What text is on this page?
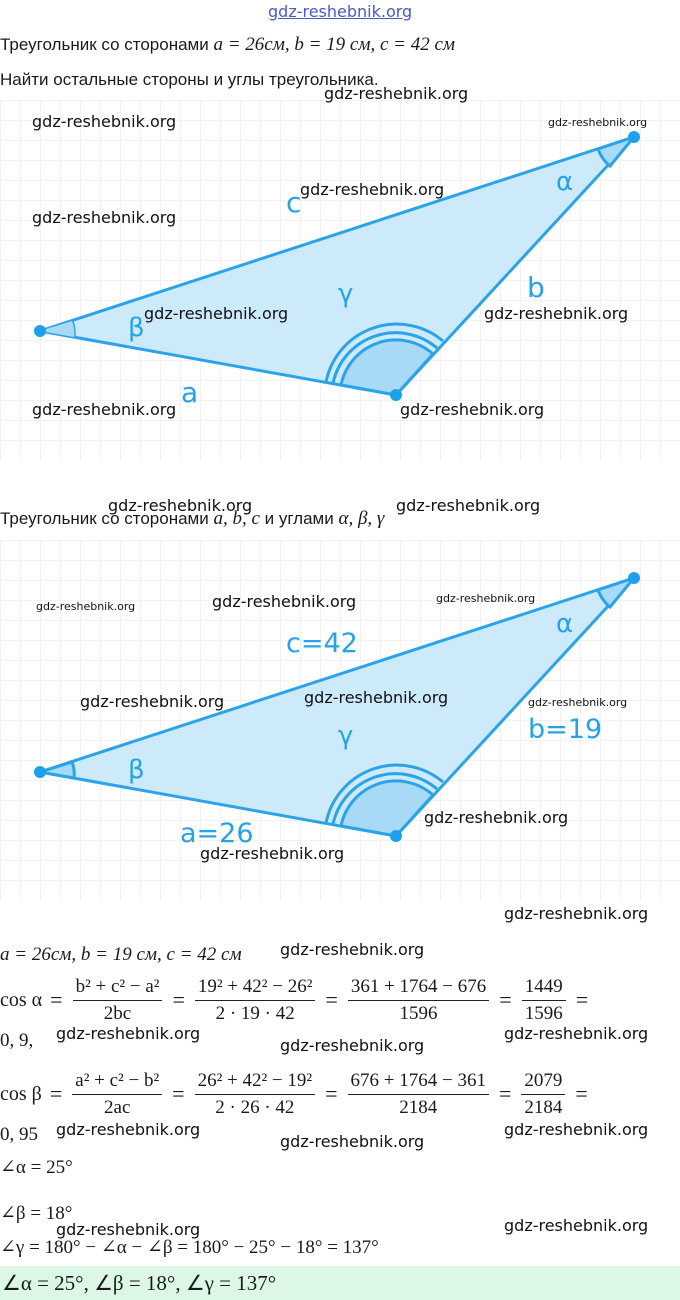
gdz-reshebnik.org
Треугольник со сторонами a = 26см, b = 19 см, c = 42 см
Найти остальные стороны и углы треугольника.
c
b
a
α
β
γ
Треугольник со сторонами a, b, c и углами α, β, γ
c=42
b=19
a=26
α
β
γ
a = 26см, b = 19 см, c = 42 см
$\cos \alpha = \frac{\text{b² + c² − a²}}{2bc} = \frac{\text{19² + 42² − 26²}}{2 \cdot 19 \cdot 42} = \frac{361 + 1764 - 676}{1596} = \frac{1449}{1596}$ =
0, 9,
$\cos \beta = \frac{\text{a² + c² − b²}}{2ac} = \frac{\text{26² + 42² − 19²}}{2 \cdot 26 \cdot 42} = \frac{676 + 1764 - 361}{2184} = \frac{2079}{2184}$ =
0, 95
∠α = 25°
∠β = 18°
∠γ = 180° − ∠α − ∠β = 180° − 25° − 18° = 137°
∠α = 25°, ∠β = 18°, ∠γ = 137°
gdz-reshebnik.org
gdz-reshebnik.org	gdz-reshebnik.org
gdz-reshebnik.org
gdz-reshebnik.org
gdz-reshebnik.org	gdz-reshebnik.org
gdz-reshebnik.org	gdz-reshebnik.org
gdz-reshebnik.org	gdz-reshebnik.org
gdz-reshebnik.org	gdz-reshebnik.org	gdz-reshebnik.org
gdz-reshebnik.org	gdz-reshebnik.org	gdz-reshebnik.org
gdz-reshebnik.org
gdz-reshebnik.org
gdz-reshebnik.org
gdz-reshebnik.org
gdz-reshebnik.org	gdz-reshebnik.org
gdz-reshebnik.org
gdz-reshebnik.org	gdz-reshebnik.org
gdz-reshebnik.org
gdz-reshebnik.org
gdz-reshebnik.org
